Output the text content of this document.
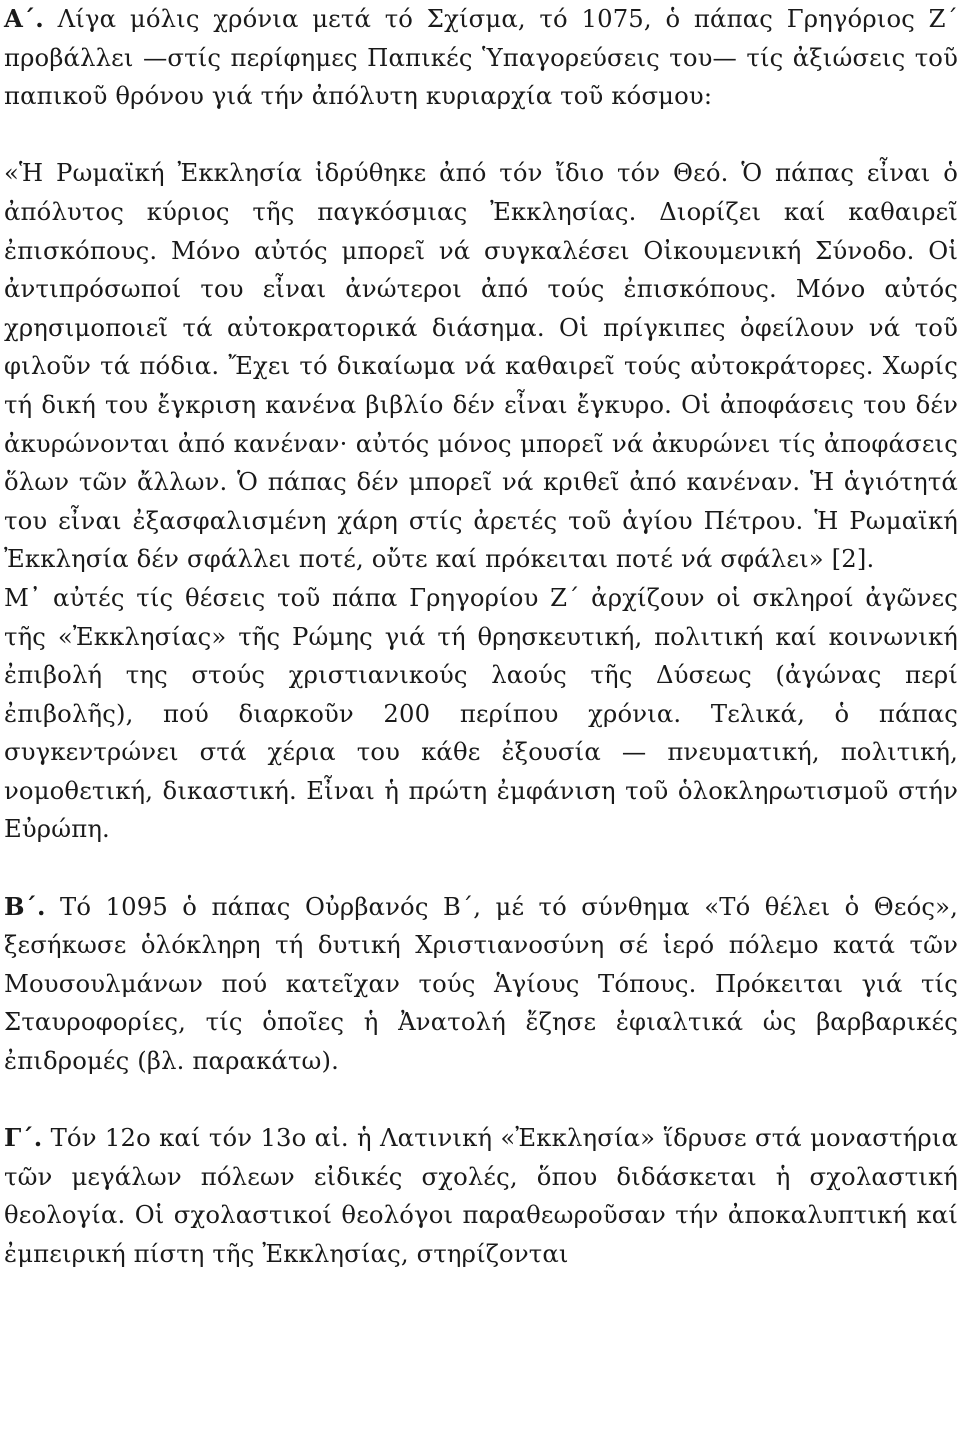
Α΄. Λίγα μόλις χρόνια μετά τό Σχίσμα, τό 1075, ὁ πάπας Γρηγόριος Ζ΄ προβάλλει —στίς περίφημες Παπικές Ὑπαγορεύσεις του— τίς ἀξιώσεις τοῦ παπικοῦ θρόνου γιά τήν ἀπόλυτη κυριαρχία τοῦ κόσμου:

«Ἡ Ρωμαϊκή Ἐκκλησία ἱδρύθηκε ἀπό τόν ἴδιο τόν Θεό. Ὁ πάπας εἶναι ὁ ἀπόλυτος κύριος τῆς παγκόσμιας Ἐκκλησίας. Διορίζει καί καθαιρεῖ ἐπισκόπους. Μόνο αὐτός μπορεῖ νά συγκαλέσει Οἰκουμενική Σύνοδο. Οἱ ἀντιπρόσωποί του εἶναι ἀνώτεροι ἀπό τούς ἐπισκόπους. Μόνο αὐτός χρησιμοποιεῖ τά αὐτοκρατορικά διάσημα. Οἱ πρίγκιπες ὀφείλουν νά τοῦ φιλοῦν τά πόδια. Ἔχει τό δικαίωμα νά καθαιρεῖ τούς αὐτοκράτορες. Χωρίς τή δική του ἔγκριση κανένα βιβλίο δέν εἶναι ἔγκυρο. Οἱ ἀποφάσεις του δέν ἀκυρώνονται ἀπό κανέναν· αὐτός μόνος μπορεῖ νά ἀκυρώνει τίς ἀποφάσεις ὅλων τῶν ἄλλων. Ὁ πάπας δέν μπορεῖ νά κριθεῖ ἀπό κανέναν. Ἡ ἁγιότητά του εἶναι ἐξασφαλισμένη χάρη στίς ἀρετές τοῦ ἁγίου Πέτρου. Ἡ Ρωμαϊκή Ἐκκλησία δέν σφάλλει ποτέ, οὔτε καί πρόκειται ποτέ νά σφάλει» [2].

Μ᾽ αὐτές τίς θέσεις τοῦ πάπα Γρηγορίου Ζ΄ ἀρχίζουν οἱ σκληροί ἀγῶνες τῆς «Ἐκκλησίας» τῆς Ρώμης γιά τή θρησκευτική, πολιτική καί κοινωνική ἐπιβολή της στούς χριστιανικούς λαούς τῆς Δύσεως (ἀγώνας περί ἐπιβολῆς), πού διαρκοῦν 200 περίπου χρόνια. Τελικά, ὁ πάπας συγκεντρώνει στά χέρια του κάθε ἐξουσία — πνευματική, πολιτική, νομοθετική, δικαστική. Εἶναι ἡ πρώτη ἐμφάνιση τοῦ ὁλοκληρωτισμοῦ στήν Εὐρώπη.

Β΄. Τό 1095 ὁ πάπας Οὐρβανός Β΄, μέ τό σύνθημα «Τό θέλει ὁ Θεός», ξεσήκωσε ὁλόκληρη τή δυτική Χριστιανοσύνη σέ ἱερό πόλεμο κατά τῶν Μουσουλμάνων πού κατεῖχαν τούς Ἁγίους Τόπους. Πρόκειται γιά τίς Σταυροφορίες, τίς ὁποῖες ἡ Ἀνατολή ἔζησε ἐφιαλτικά ὡς βαρβαρικές ἐπιδρομές (βλ. παρακάτω).

Γ΄. Τόν 12ο καί τόν 13ο αἰ. ἡ Λατινική «Ἐκκλησία» ἵδρυσε στά μοναστήρια τῶν μεγάλων πόλεων εἰδικές σχολές, ὅπου διδάσκεται ἡ σχολαστική θεολογία. Οἱ σχολαστικοί θεολόγοι παραθεωροῦσαν τήν ἀποκαλυπτική καί ἐμπειρική πίστη τῆς Ἐκκλησίας, στηρίζονται
